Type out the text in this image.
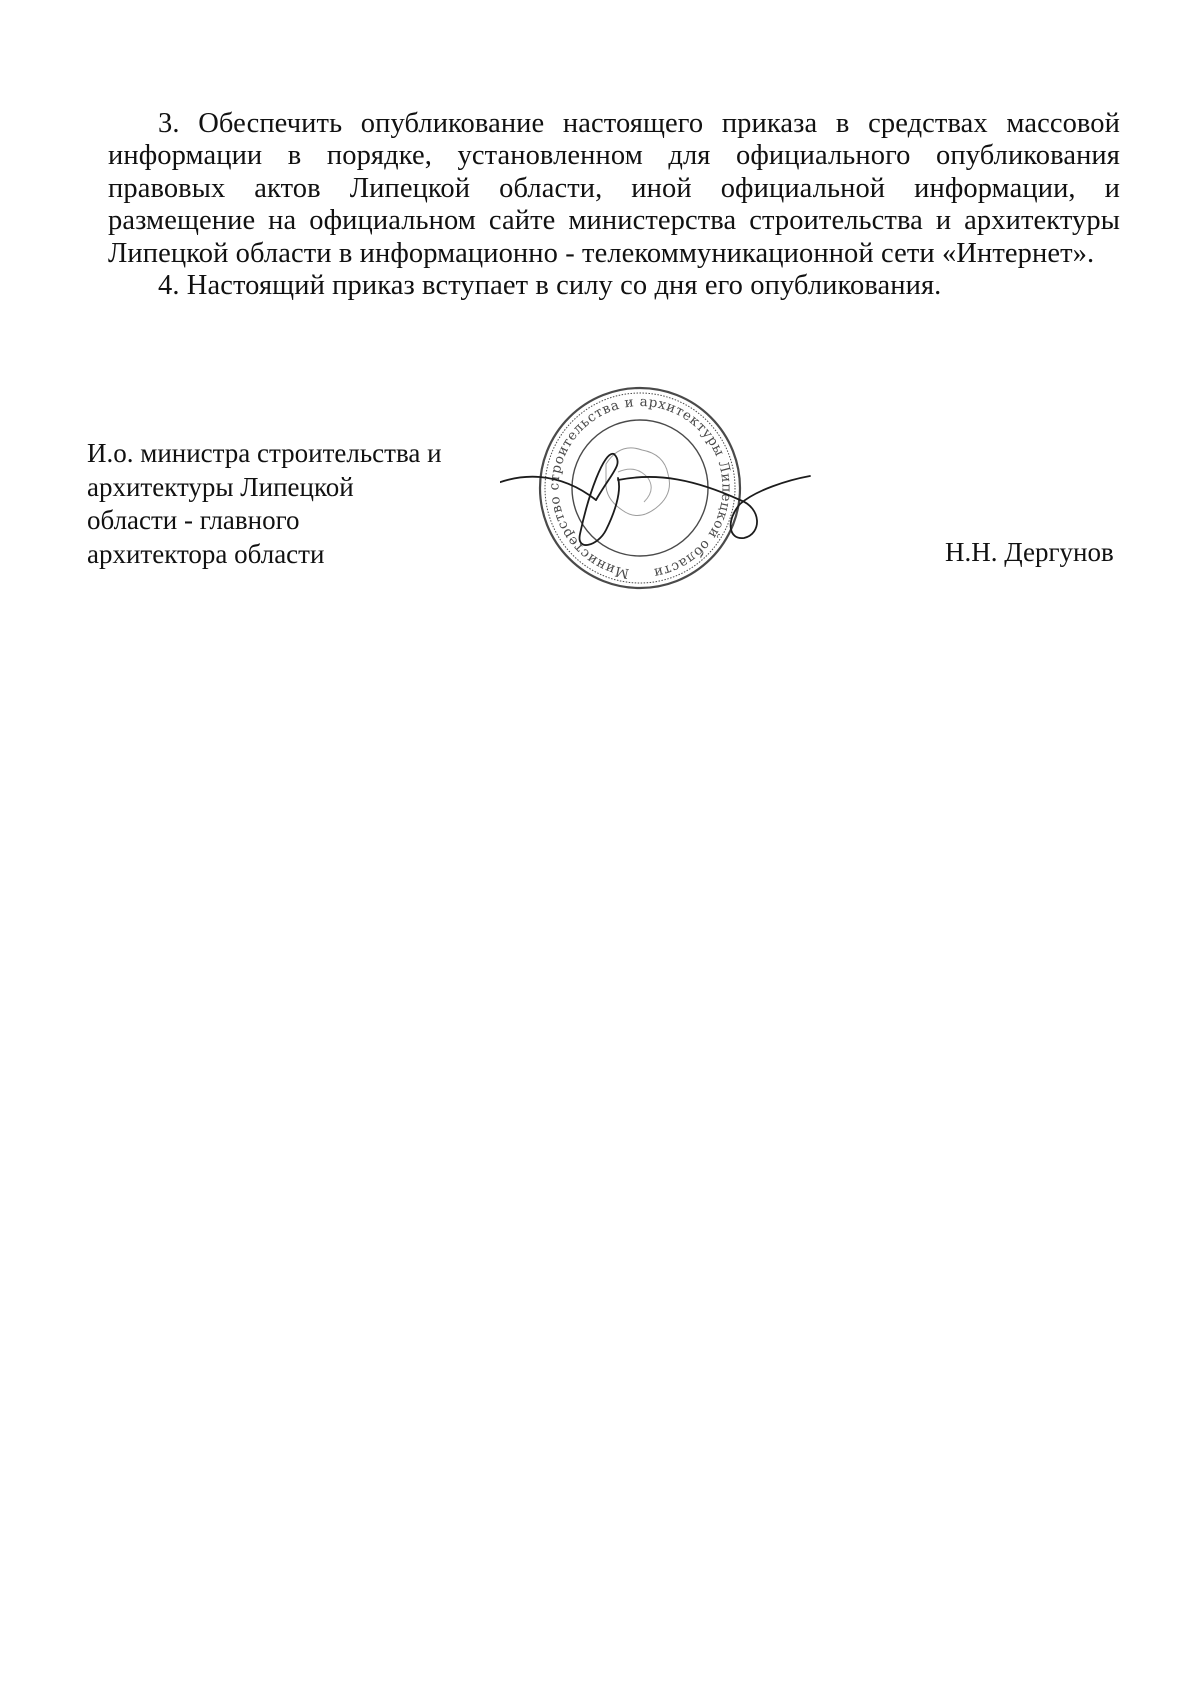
3. Обеспечить опубликование настоящего приказа в средствах массовой информации в порядке, установленном для официального опубликования правовых актов Липецкой области, иной официальной информации, и размещение на официальном сайте министерства строительства и архитектуры Липецкой области в информационно - телекоммуникационной сети «Интернет».

4. Настоящий приказ вступает в силу со дня его опубликования.

И.о. министра строительства и
архитектуры Липецкой
области - главного
архитектора области
Министерство строительства и архитектуры Липецкой области
Н.Н. Дергунов
